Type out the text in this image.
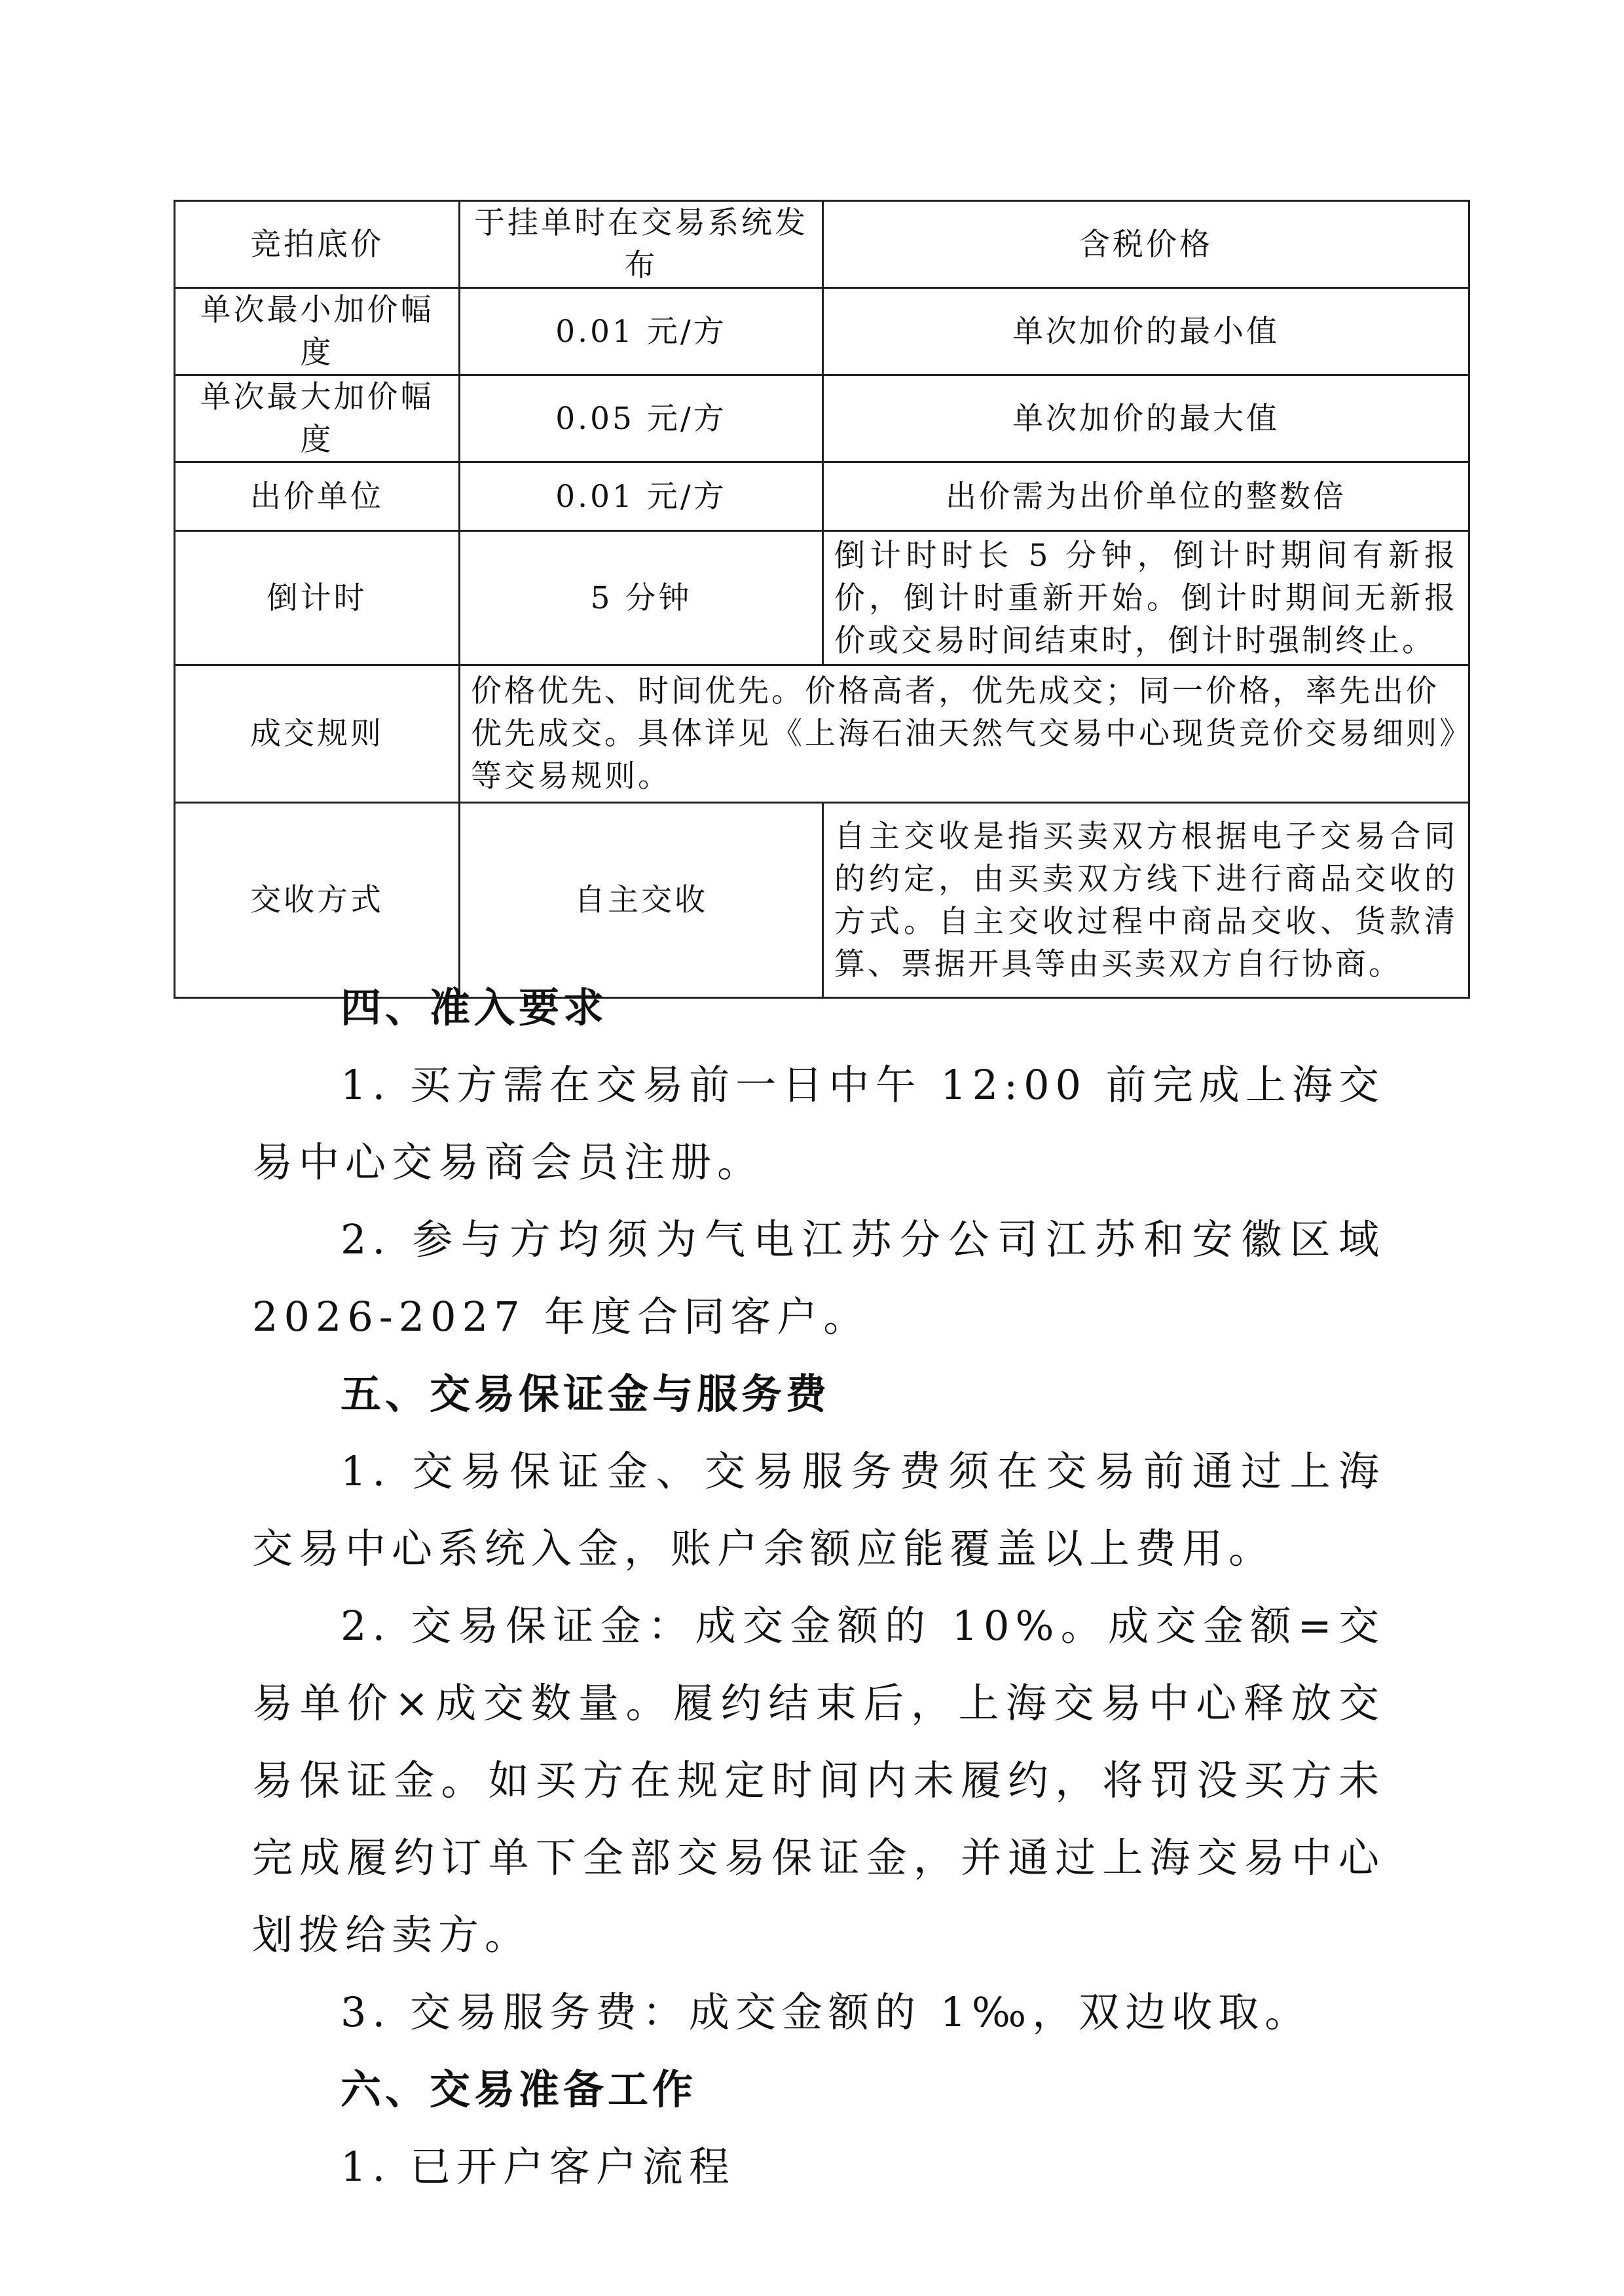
竞拍底价	于挂单时在交易系统发布	含税价格
单次最小加价幅度	0.01 元/方	单次加价的最小值
单次最大加价幅度	0.05 元/方	单次加价的最大值
出价单位	0.01 元/方	出价需为出价单位的整数倍
倒计时	5 分钟	倒计时时长 5 分钟，倒计时期间有新报价，倒计时重新开始。倒计时期间无新报价或交易时间结束时，倒计时强制终止。
成交规则	价格优先、时间优先。价格高者，优先成交；同一价格，率先出价优先成交。具体详见《上海石油天然气交易中心现货竞价交易细则》等交易规则。	
交收方式	自主交收	自主交收是指买卖双方根据电子交易合同的约定，由买卖双方线下进行商品交收的方式。自主交收过程中商品交收、货款清算、票据开具等由买卖双方自行协商。
四、准入要求

1. 买方需在交易前一日中午 12:00 前完成上海交易中心交易商会员注册。

2. 参与方均须为气电江苏分公司江苏和安徽区域 2026-2027 年度合同客户。

五、交易保证金与服务费

1. 交易保证金、交易服务费须在交易前通过上海交易中心系统入金，账户余额应能覆盖以上费用。

2. 交易保证金：成交金额的 10%。成交金额=交易单价×成交数量。履约结束后，上海交易中心释放交易保证金。如买方在规定时间内未履约，将罚没买方未完成履约订单下全部交易保证金，并通过上海交易中心划拨给卖方。

3. 交易服务费：成交金额的 1‰，双边收取。

六、交易准备工作

1. 已开户客户流程
